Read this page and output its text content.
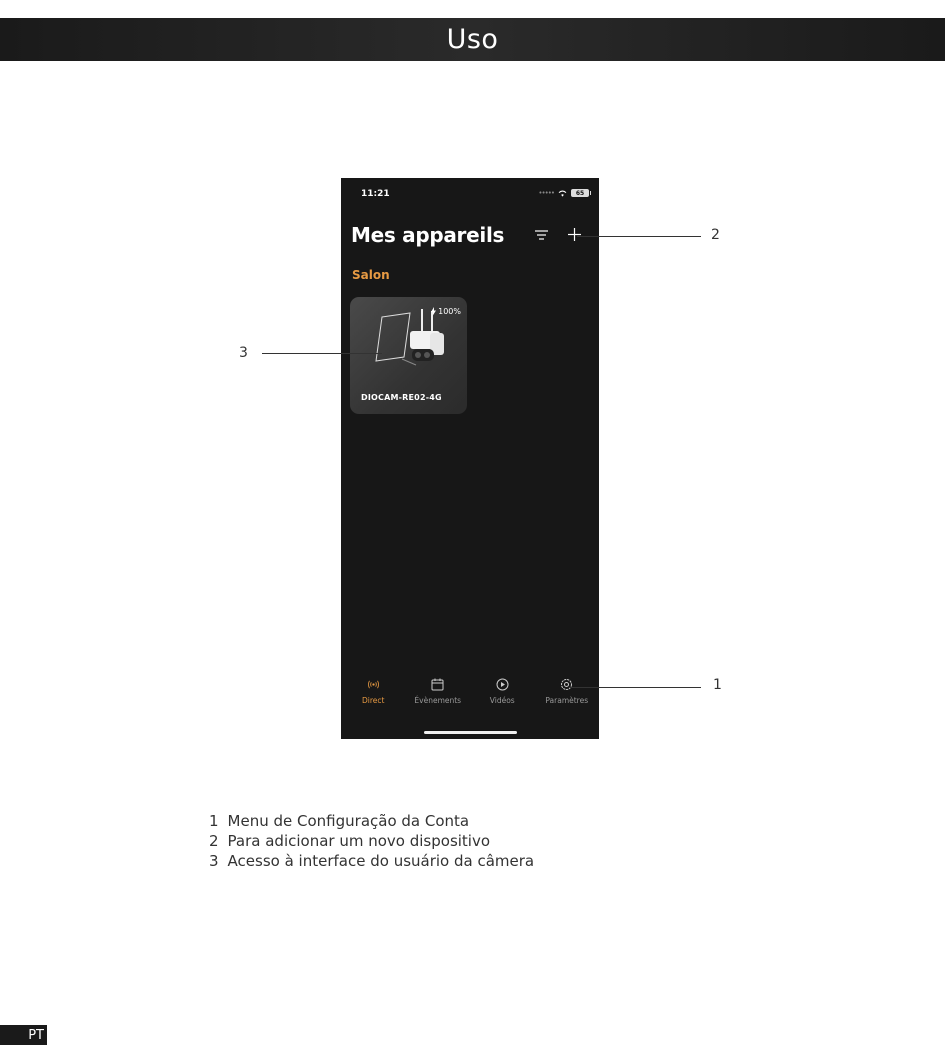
Uso
11:21	•••••	65
Mes appareils
Salon
100%
DIOCAM-RE02-4G
Direct	Évènements	Vidéos	Paramètres
2
3
1
1 Menu de Configuração da Conta
2 Para adicionar um novo dispositivo
3 Acesso à interface do usuário da câmera
PT
